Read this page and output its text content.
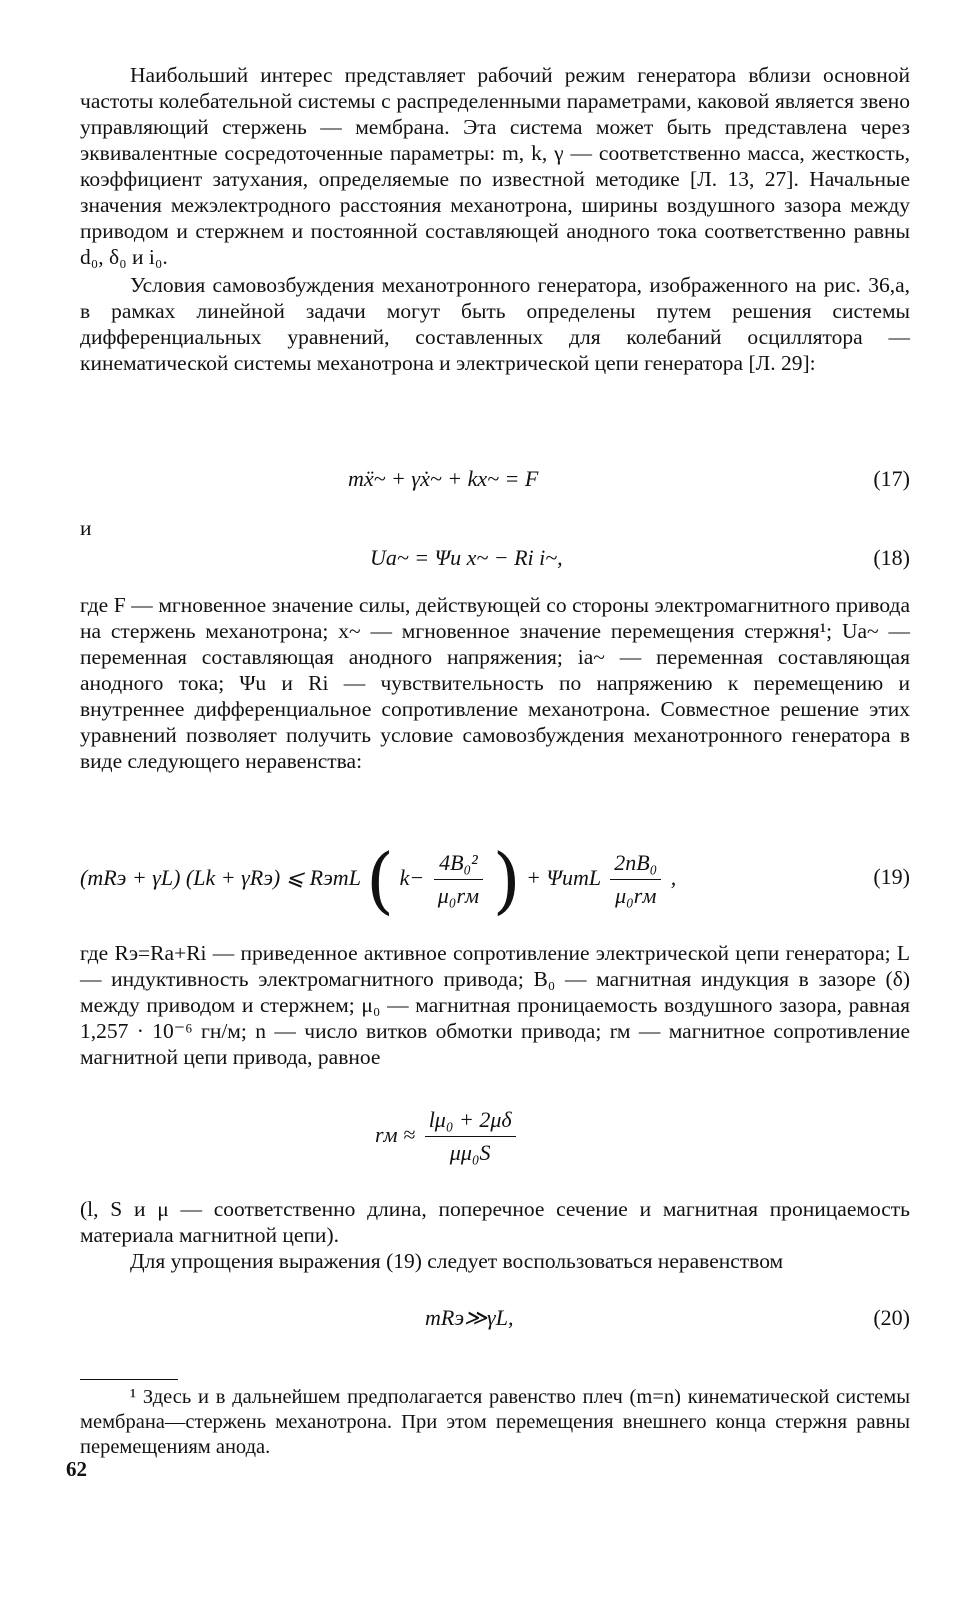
Наибольший интерес представляет рабочий режим генератора вблизи основной частоты колебательной системы с распределенными параметрами, каковой является звено управляющий стержень — мембрана. Эта система может быть представлена через эквивалентные сосредоточенные параметры: m, k, γ — соответственно масса, жесткость, коэффициент затухания, определяемые по известной методике [Л. 13, 27]. Начальные значения межэлектродного расстояния механотрона, ширины воздушного зазора между приводом и стержнем и постоянной составляющей анодного тока соответственно равны d₀, δ₀ и i₀.

Условия самовозбуждения механотронного генератора, изображенного на рис. 36,а, в рамках линейной задачи могут быть определены путем решения системы дифференциальных уравнений, составленных для колебаний осциллятора — кинематической системы механотрона и электрической цепи генератора [Л. 29]:

mẍ~ + γẋ~ + kx~ = F	(17)

и

Ua~ = Ψu x~ − Ri i~,	(18)

где F — мгновенное значение силы, действующей со стороны электромагнитного привода на стержень механотрона; x~ — мгновенное значение перемещения стержня¹; Ua~ — переменная составляющая анодного напряжения; ia~ — переменная составляющая анодного тока; Ψu и Ri — чувствительность по напряжению к перемещению и внутреннее дифференциальное сопротивление механотрона. Совместное решение этих уравнений позволяет получить условие самовозбуждения механотронного генератора в виде следующего неравенства:

(mRэ + γL) (Lk + γRэ) ⩽ RэmL ( $k- \frac{\text{4B₀²}}{\text{μ₀rм}}$ ) + ΨumL $\frac{\text{2nB₀}}{\text{μ₀rм}}$ ,	(19)

где Rэ=Ra+Ri — приведенное активное сопротивление электрической цепи генератора; L — индуктивность электромагнитного привода; B₀ — магнитная индукция в зазоре (δ) между приводом и стержнем; μ₀ — магнитная проницаемость воздушного зазора, равная 1,257 · 10⁻⁶ гн/м; n — число витков обмотки привода; rм — магнитное сопротивление магнитной цепи привода, равное

rм ≈ $\frac{\text{lμ₀ + 2μδ}}{\text{μμ₀S}}$

(l, S и μ — соответственно длина, поперечное сечение и магнитная проницаемость материала магнитной цепи).

Для упрощения выражения (19) следует воспользоваться неравенством

mRэ≫γL,	(20)

¹ Здесь и в дальнейшем предполагается равенство плеч (m=n) кинематической системы мембрана—стержень механотрона. При этом перемещения внешнего конца стержня равны перемещениям анода.

62
